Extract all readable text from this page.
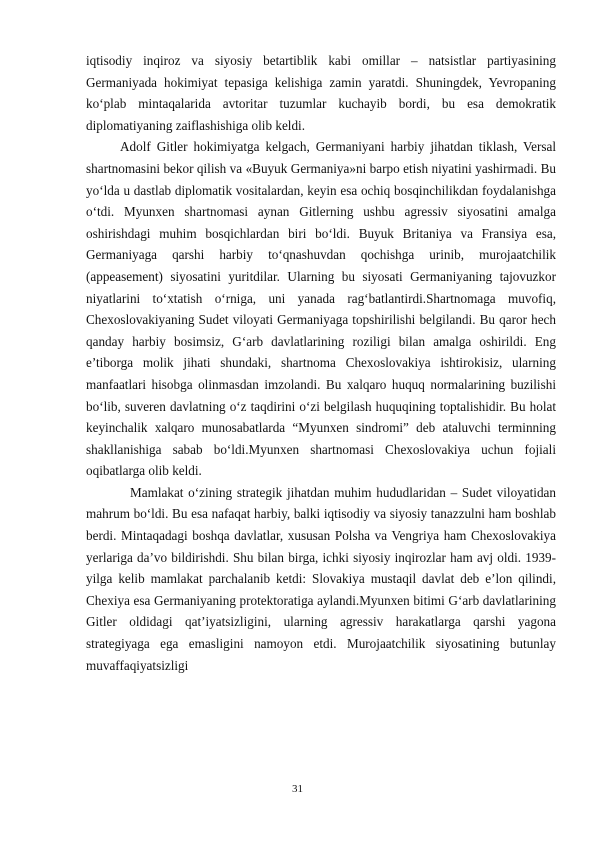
iqtisodiy inqiroz va siyosiy betartiblik kabi omillar – natsistlar partiyasining Germaniyada hokimiyat tepasiga kelishiga zamin yaratdi. Shuningdek, Yevropaning ko‘plab mintaqalarida avtoritar tuzumlar kuchayib bordi, bu esa demokratik diplomatiyaning zaiflashishiga olib keldi.

Adolf Gitler hokimiyatga kelgach, Germaniyani harbiy jihatdan tiklash, Versal shartnomasini bekor qilish va «Buyuk Germaniya»ni barpo etish niyatini yashirmadi. Bu yo‘lda u dastlab diplomatik vositalardan, keyin esa ochiq bosqinchilikdan foydalanishga o‘tdi. Myunxen shartnomasi aynan Gitlerning ushbu agressiv siyosatini amalga oshirishdagi muhim bosqichlardan biri bo‘ldi. Buyuk Britaniya va Fransiya esa, Germaniyaga qarshi harbiy to‘qnashuvdan qochishga urinib, murojaatchilik (appeasement) siyosatini yuritdilar. Ularning bu siyosati Germaniyaning tajovuzkor niyatlarini to‘xtatish o‘rniga, uni yanada rag‘batlantirdi.Shartnomaga muvofiq, Chexoslovakiyaning Sudet viloyati Germaniyaga topshirilishi belgilandi. Bu qaror hech qanday harbiy bosimsiz, G‘arb davlatlarining roziligi bilan amalga oshirildi. Eng e’tiborga molik jihati shundaki, shartnoma Chexoslovakiya ishtirokisiz, ularning manfaatlari hisobga olinmasdan imzolandi. Bu xalqaro huquq normalarining buzilishi bo‘lib, suveren davlatning o‘z taqdirini o‘zi belgilash huquqining toptalishidir. Bu holat keyinchalik xalqaro munosabatlarda “Myunxen sindromi” deb ataluvchi terminning shakllanishiga sabab bo‘ldi.Myunxen shartnomasi Chexoslovakiya uchun fojiali oqibatlarga olib keldi.

Mamlakat o‘zining strategik jihatdan muhim hududlaridan – Sudet viloyatidan mahrum bo‘ldi. Bu esa nafaqat harbiy, balki iqtisodiy va siyosiy tanazzulni ham boshlab berdi. Mintaqadagi boshqa davlatlar, xususan Polsha va Vengriya ham Chexoslovakiya yerlariga da’vo bildirishdi. Shu bilan birga, ichki siyosiy inqirozlar ham avj oldi. 1939-yilga kelib mamlakat parchalanib ketdi: Slovakiya mustaqil davlat deb e’lon qilindi, Chexiya esa Germaniyaning protektoratiga aylandi.Myunxen bitimi G‘arb davlatlarining Gitler oldidagi qat’iyatsizligini, ularning agressiv harakatlarga qarshi yagona strategiyaga ega emasligini namoyon etdi. Murojaatchilik siyosatining butunlay muvaffaqiyatsizligi

31
